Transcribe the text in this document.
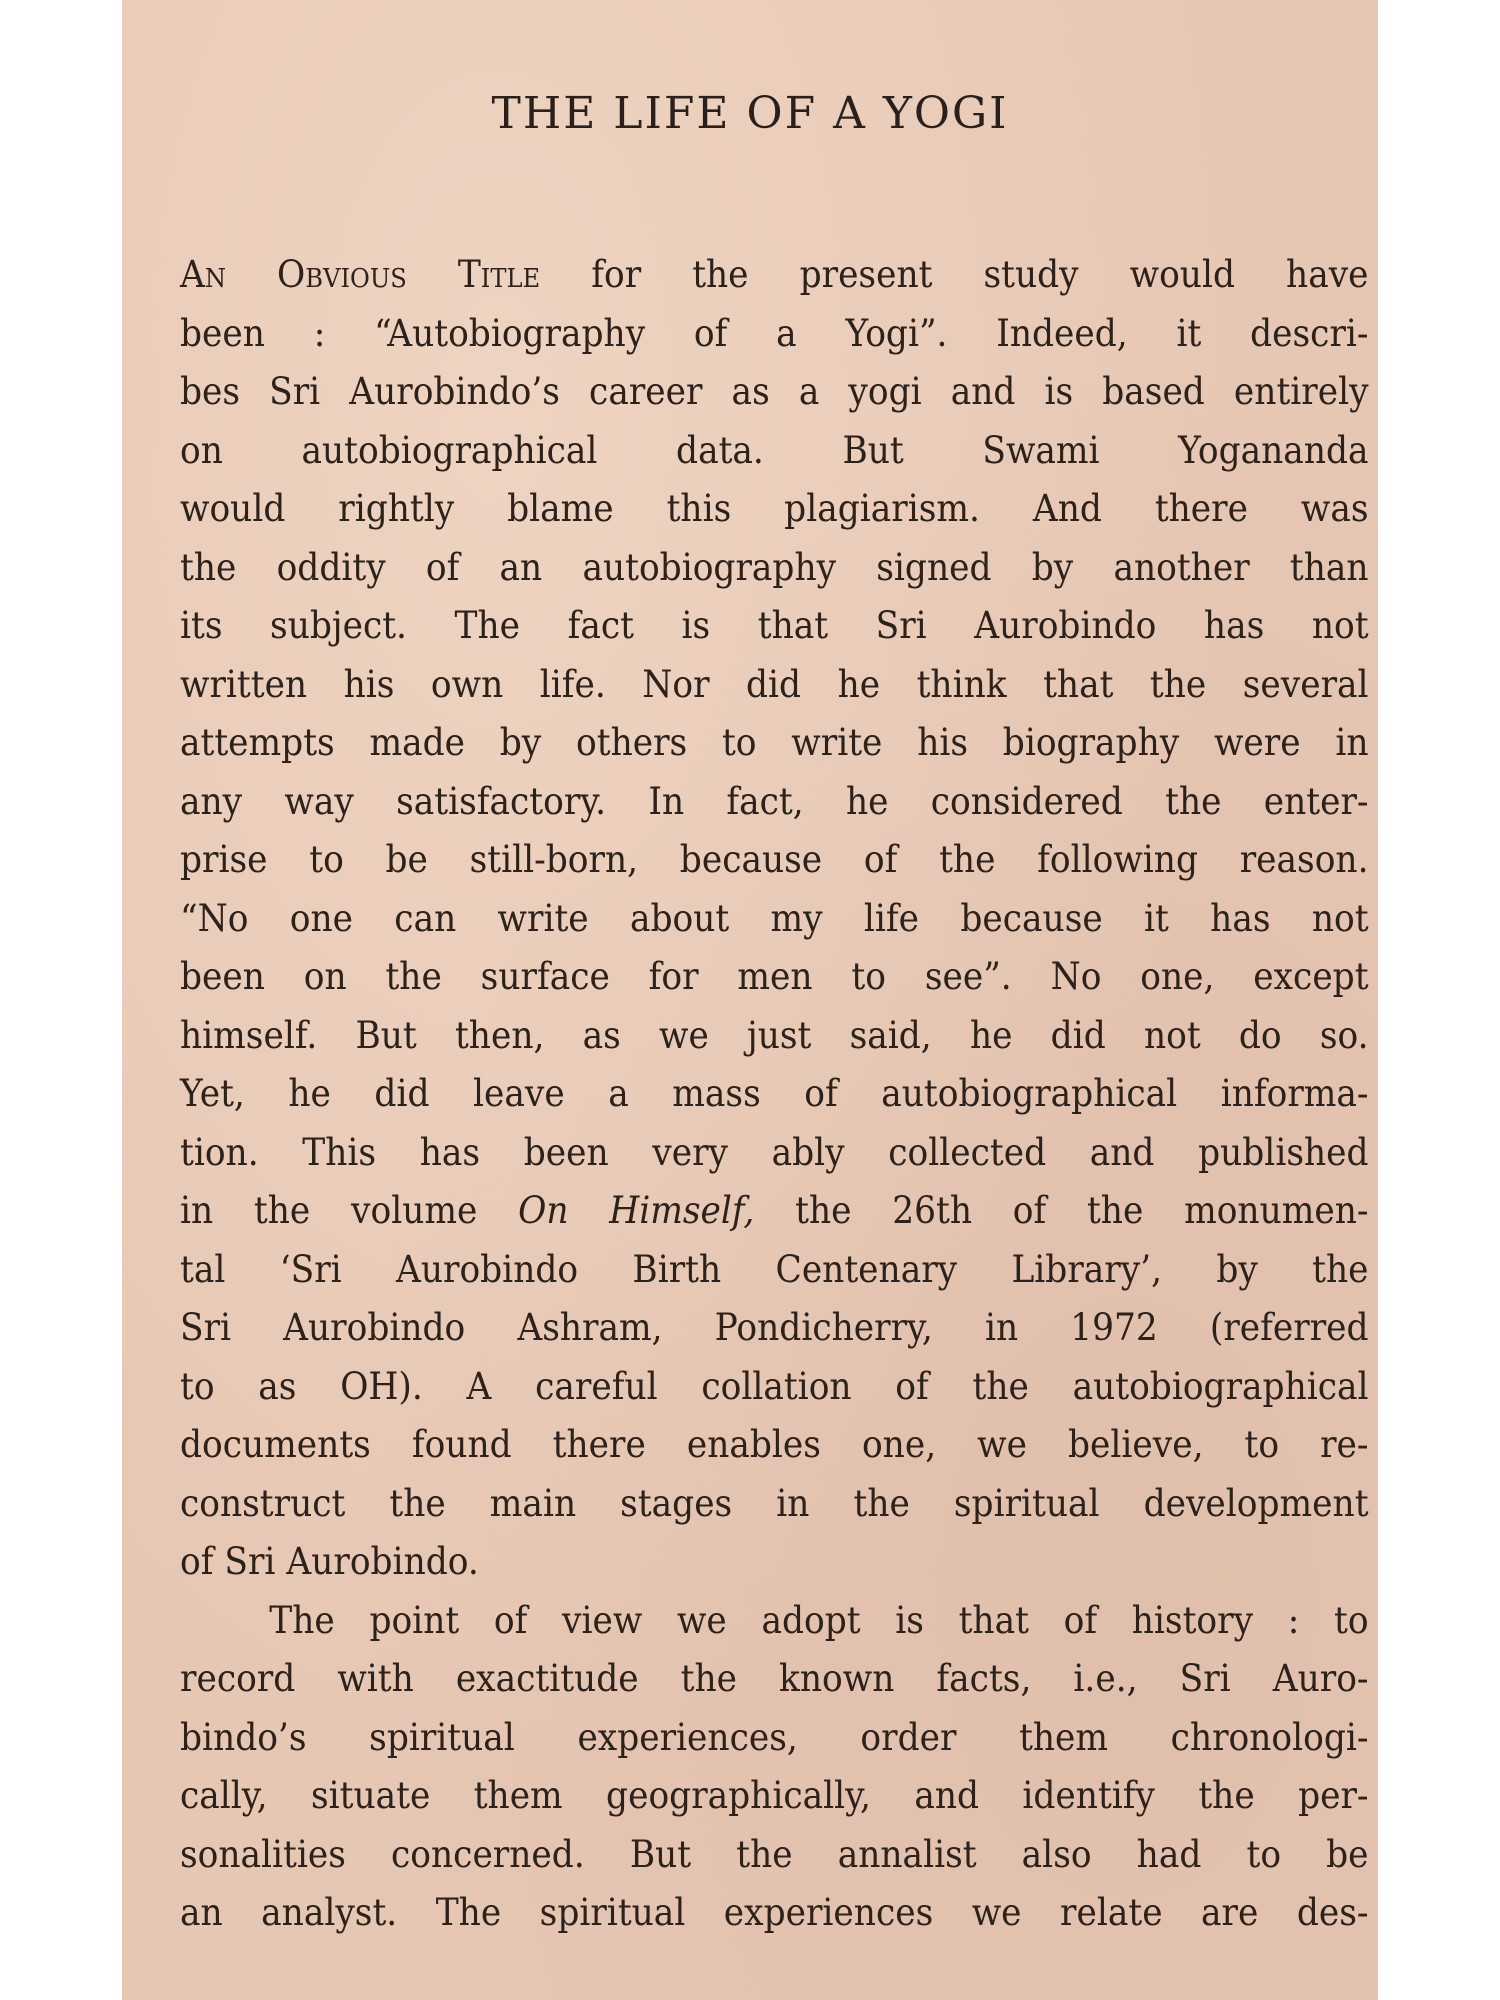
THE LIFE OF A YOGI
An Obvious Title for the present study would have
been : “Autobiography of a Yogi”. Indeed, it descri-
bes Sri Aurobindo’s career as a yogi and is based entirely
on autobiographical data. But Swami Yogananda
would rightly blame this plagiarism. And there was
the oddity of an autobiography signed by another than
its subject. The fact is that Sri Aurobindo has not
written his own life. Nor did he think that the several
attempts made by others to write his biography were in
any way satisfactory. In fact, he considered the enter-
prise to be still-born, because of the following reason.
“No one can write about my life because it has not
been on the surface for men to see”. No one, except
himself. But then, as we just said, he did not do so.
Yet, he did leave a mass of autobiographical informa-
tion. This has been very ably collected and published
in the volume On Himself, the 26th of the monumen-
tal ‘Sri Aurobindo Birth Centenary Library’, by the
Sri Aurobindo Ashram, Pondicherry, in 1972 (referred
to as OH). A careful collation of the autobiographical
documents found there enables one, we believe, to re-
construct the main stages in the spiritual development
of Sri Aurobindo.
The point of view we adopt is that of history : to
record with exactitude the known facts, i.e., Sri Auro-
bindo’s spiritual experiences, order them chronologi-
cally, situate them geographically, and identify the per-
sonalities concerned. But the annalist also had to be
an analyst. The spiritual experiences we relate are des-
